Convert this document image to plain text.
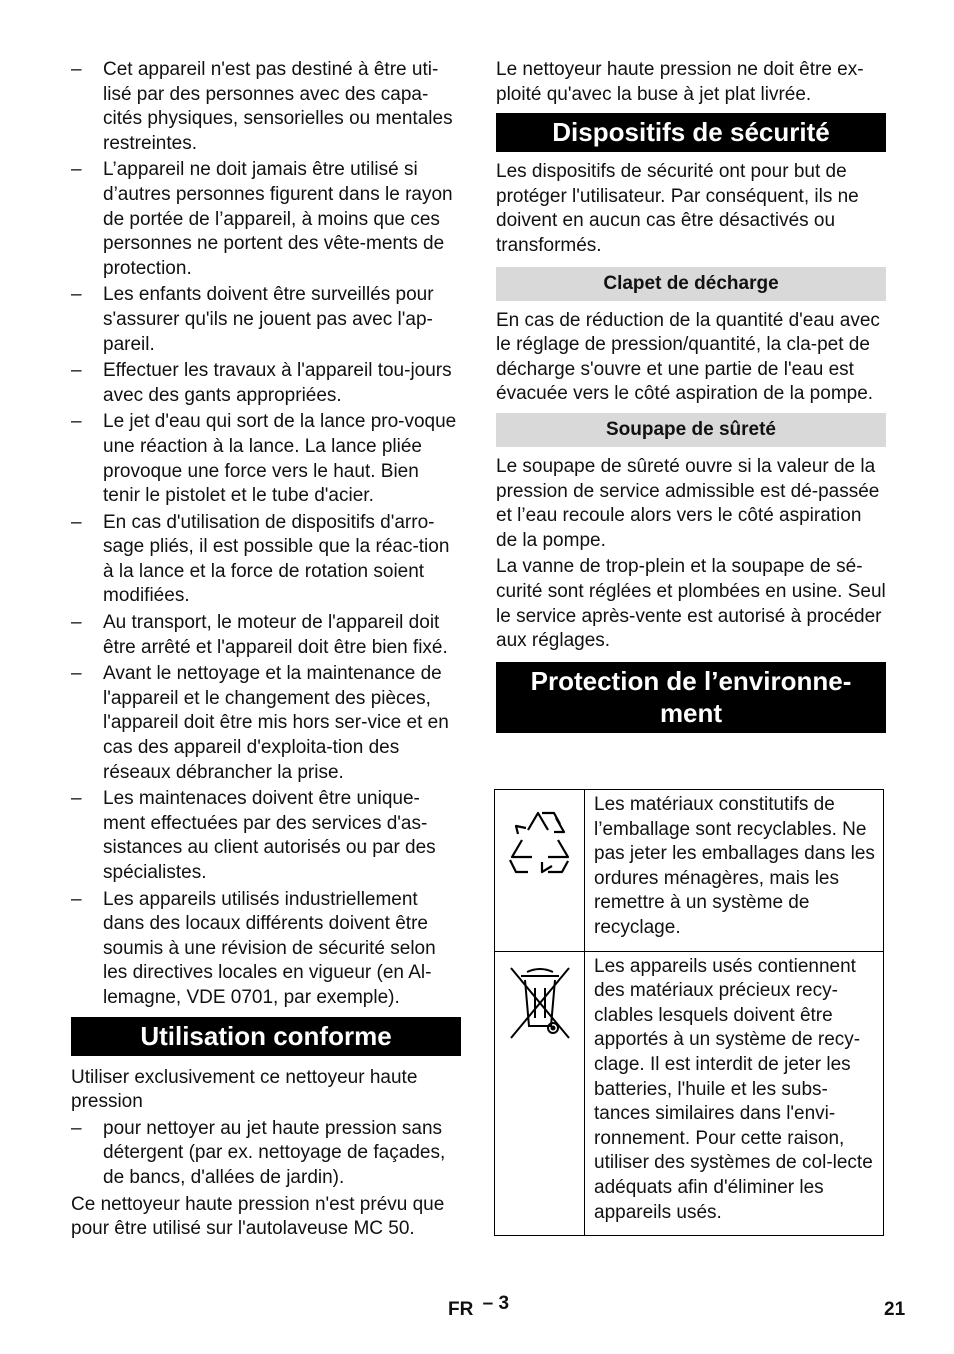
– Cet appareil n'est pas destiné à être uti-lisé par des personnes avec des capa-cités physiques, sensorielles ou mentales restreintes.
– L’appareil ne doit jamais être utilisé si d’autres personnes figurent dans le rayon de portée de l’appareil, à moins que ces personnes ne portent des vête-ments de protection.
– Les enfants doivent être surveillés pour s'assurer qu'ils ne jouent pas avec l'ap-pareil.
– Effectuer les travaux à l'appareil tou-jours avec des gants appropriées.
– Le jet d'eau qui sort de la lance pro-voque une réaction à la lance. La lance pliée provoque une force vers le haut. Bien tenir le pistolet et le tube d'acier.
– En cas d'utilisation de dispositifs d'arro-sage pliés, il est possible que la réac-tion à la lance et la force de rotation soient modifiées.
– Au transport, le moteur de l'appareil doit être arrêté et l'appareil doit être bien fixé.
– Avant le nettoyage et la maintenance de l'appareil et le changement des pièces, l'appareil doit être mis hors ser-vice et en cas des appareil d'exploita-tion des réseaux débrancher la prise.
– Les maintenaces doivent être unique-ment effectuées par des services d'as-sistances au client autorisés ou par des spécialistes.
– Les appareils utilisés industriellement dans des locaux différents doivent être soumis à une révision de sécurité selon les directives locales en vigueur (en Al-lemagne, VDE 0701, par exemple).
Utilisation conforme

Utiliser exclusivement ce nettoyeur haute pression

– pour nettoyer au jet haute pression sans détergent (par ex. nettoyage de façades, de bancs, d'allées de jardin).

Ce nettoyeur haute pression n'est prévu que pour être utilisé sur l'autolaveuse MC 50.

Le nettoyeur haute pression ne doit être ex-ploité qu'avec la buse à jet plat livrée.

Dispositifs de sécurité

Les dispositifs de sécurité ont pour but de protéger l'utilisateur. Par conséquent, ils ne doivent en aucun cas être désactivés ou transformés.

Clapet de décharge

En cas de réduction de la quantité d'eau avec le réglage de pression/quantité, la cla-pet de décharge s'ouvre et une partie de l'eau est évacuée vers le côté aspiration de la pompe.

Soupape de sûreté

Le soupape de sûreté ouvre si la valeur de la pression de service admissible est dé-passée et l’eau recoule alors vers le côté aspiration de la pompe.

La vanne de trop-plein et la soupape de sé-curité sont réglées et plombées en usine. Seul le service après-vente est autorisé à procéder aux réglages.

Protection de l’environne-ment
	Les matériaux constitutifs de l’emballage sont recyclables. Ne pas jeter les emballages dans les ordures ménagères, mais les remettre à un système de recyclage.
	Les appareils usés contiennent des matériaux précieux recy-clables lesquels doivent être apportés à un système de recy-clage. Il est interdit de jeter les batteries, l'huile et les subs-tances similaires dans l'envi-ronnement. Pour cette raison, utiliser des systèmes de col-lecte adéquats afin d'éliminer les appareils usés.
FR – 3	21
